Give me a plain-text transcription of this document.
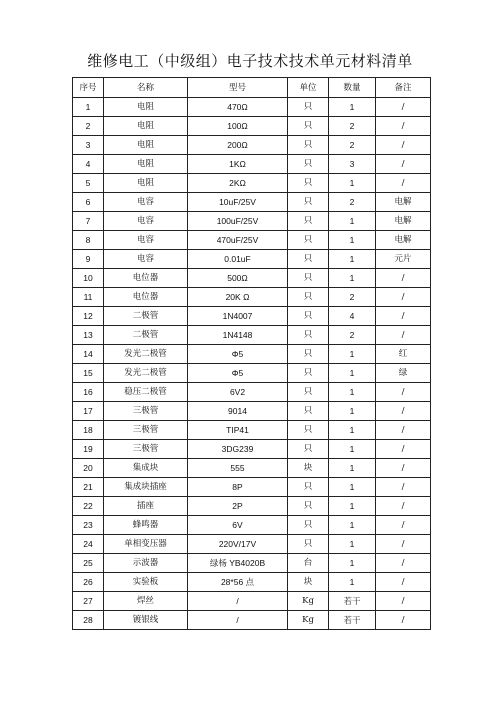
维修电工（中级组）电子技术技术单元材料清单
序号	名称	型号	单位	数量	备注
1	电阻	470Ω	只	1	/
2	电阻	100Ω	只	2	/
3	电阻	200Ω	只	2	/
4	电阻	1KΩ	只	3	/
5	电阻	2KΩ	只	1	/
6	电容	10uF/25V	只	2	电解
7	电容	100uF/25V	只	1	电解
8	电容	470uF/25V	只	1	电解
9	电容	0.01uF	只	1	元片
10	电位器	500Ω	只	1	/
11	电位器	20K Ω	只	2	/
12	二极管	1N4007	只	4	/
13	二极管	1N4148	只	2	/
14	发光二极管	Φ5	只	1	红
15	发光二极管	Φ5	只	1	绿
16	稳压二极管	6V2	只	1	/
17	三极管	9014	只	1	/
18	三极管	TIP41	只	1	/
19	三极管	3DG239	只	1	/
20	集成块	555	块	1	/
21	集成块插座	8P	只	1	/
22	插座	2P	只	1	/
23	蜂鸣器	6V	只	1	/
24	单相变压器	220V/17V	只	1	/
25	示波器	绿杨 YB4020B	台	1	/
26	实验板	28*56 点	块	1	/
27	焊丝	/	Kg	若干	/
28	镀银线	/	Kg	若干	/
